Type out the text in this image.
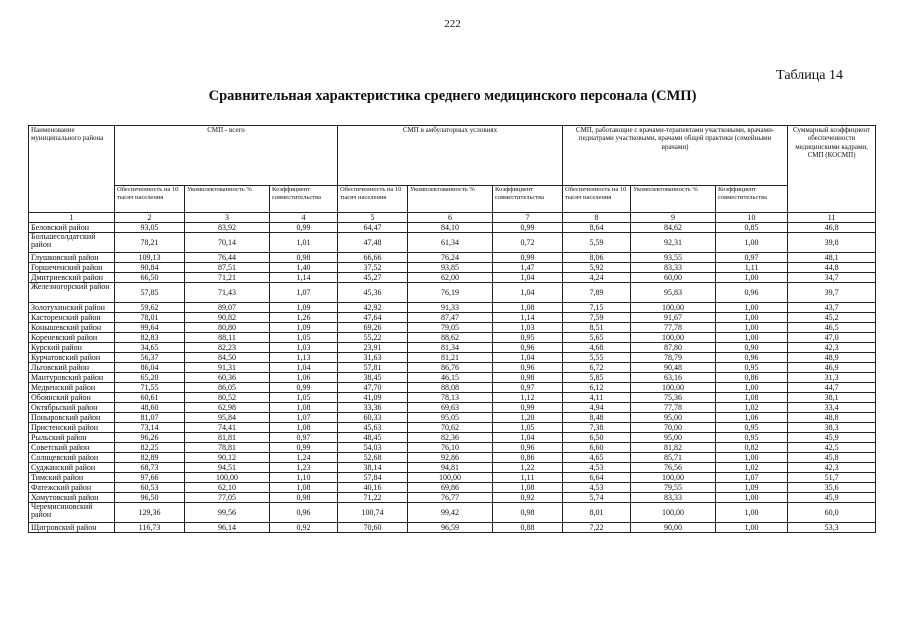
222
Таблица 14
Сравнительная характеристика среднего медицинского персонала (СМП)
Наименование муниципального района	СМП - всего			СМП в амбулаторных условиях			СМП, работающие с врачами-терапевтами участковыми, врачами-педиатрами участковыми, врачами общей практики (семейными врачами)			Суммарный коэффициент обеспеченности медицинскими кадрами, СМП (КОСМП)
	Обеспеченность на 10 тысяч населения	Укомплектованность %	Коэффициент совместительства	Обеспеченность на 10 тысяч населения	Укомплектованность %	Коэффициент совместительства	Обеспеченность на 10 тысяч населения	Укомплектованность %	Коэффициент совместительства	
1	2	3	4	5	6	7	8	9	10	11
Беловский район	93,05	83,92	0,99	64,47	84,10	0,99	8,64	84,62	0,85	46,8
Большесолдатский район	78,21	70,14	1,01	47,48	61,34	0,72	5,59	92,31	1,00	39,8
Глушковский район	109,13	76,44	0,98	66,66	76,24	0,99	8,06	93,55	0,97	48,1
Горшеченский район	90,84	87,51	1,40	37,52	93,85	1,47	5,92	83,33	1,11	44,8
Дмитриевский район	66,50	71,21	1,14	45,27	62,00	1,04	4,24	60,00	1,00	34,7
Железногорский район	57,85	71,43	1,07	45,36	76,19	1,04	7,89	95,83	0,96	39,7
Золотухинский район	59,62	89,07	1,09	42,92	91,33	1,08	7,15	100,00	1,00	43,7
Касторенский район	78,01	90,82	1,26	47,64	87,47	1,14	7,59	91,67	1,00	45,2
Конышевский район	99,64	80,80	1,09	69,26	79,05	1,03	8,51	77,78	1,00	46,5
Кореневский район	82,83	88,11	1,05	55,22	88,62	0,95	5,65	100,00	1,00	47,0
Курский район	34,65	82,23	1,03	23,91	81,34	0,96	4,68	87,80	0,90	42,3
Курчатовский район	56,37	84,50	1,13	31,63	81,21	1,04	5,55	78,79	0,96	48,9
Льговский район	86,04	91,31	1,04	57,81	86,76	0,96	6,72	90,48	0,95	46,9
Мантуровский район	65,20	60,36	1,06	38,45	46,15	0,98	5,85	63,16	0,86	31,3
Медвенский район	71,55	86,05	0,99	47,70	88,08	0,97	6,12	100,00	1,00	44,7
Обоянский район	60,61	80,52	1,05	41,09	78,13	1,12	4,11	75,36	1,08	38,1
Октябрьский район	48,60	62,98	1,08	33,36	69,63	0,99	4,94	77,78	1,02	33,4
Поныровский район	81,07	95,84	1,07	60,33	95,05	1,20	8,48	95,00	1,06	48,8
Пристенский район	73,14	74,41	1,08	45,63	70,62	1,05	7,38	70,00	0,95	38,3
Рыльский район	96,26	81,81	0,97	48,45	82,36	1,04	6,50	95,00	0,95	45,9
Советский район	82,25	78,81	0,99	54,03	76,10	0,96	6,60	81,82	0,82	42,5
Солнцевский район	82,89	90,12	1,24	52,68	92,86	0,86	4,65	85,71	1,00	45,8
Суджанский район	68,73	94,51	1,23	38,14	94,81	1,22	4,53	76,56	1,02	42,3
Тимский район	97,66	100,00	1,10	57,84	100,00	1,11	6,64	100,00	1,07	51,7
Фатежский район	60,53	62,10	1,08	40,16	69,86	1,08	4,53	79,55	1,09	35,6
Хомутовский район	96,50	77,05	0,98	71,22	76,77	0,92	5,74	83,33	1,00	45,9
Черемисиновский район	129,36	99,56	0,96	100,74	99,42	0,98	8,01	100,00	1,00	60,0
Щигровский район	116,73	96,14	0,92	70,60	96,59	0,88	7,22	90,00	1,00	53,3
